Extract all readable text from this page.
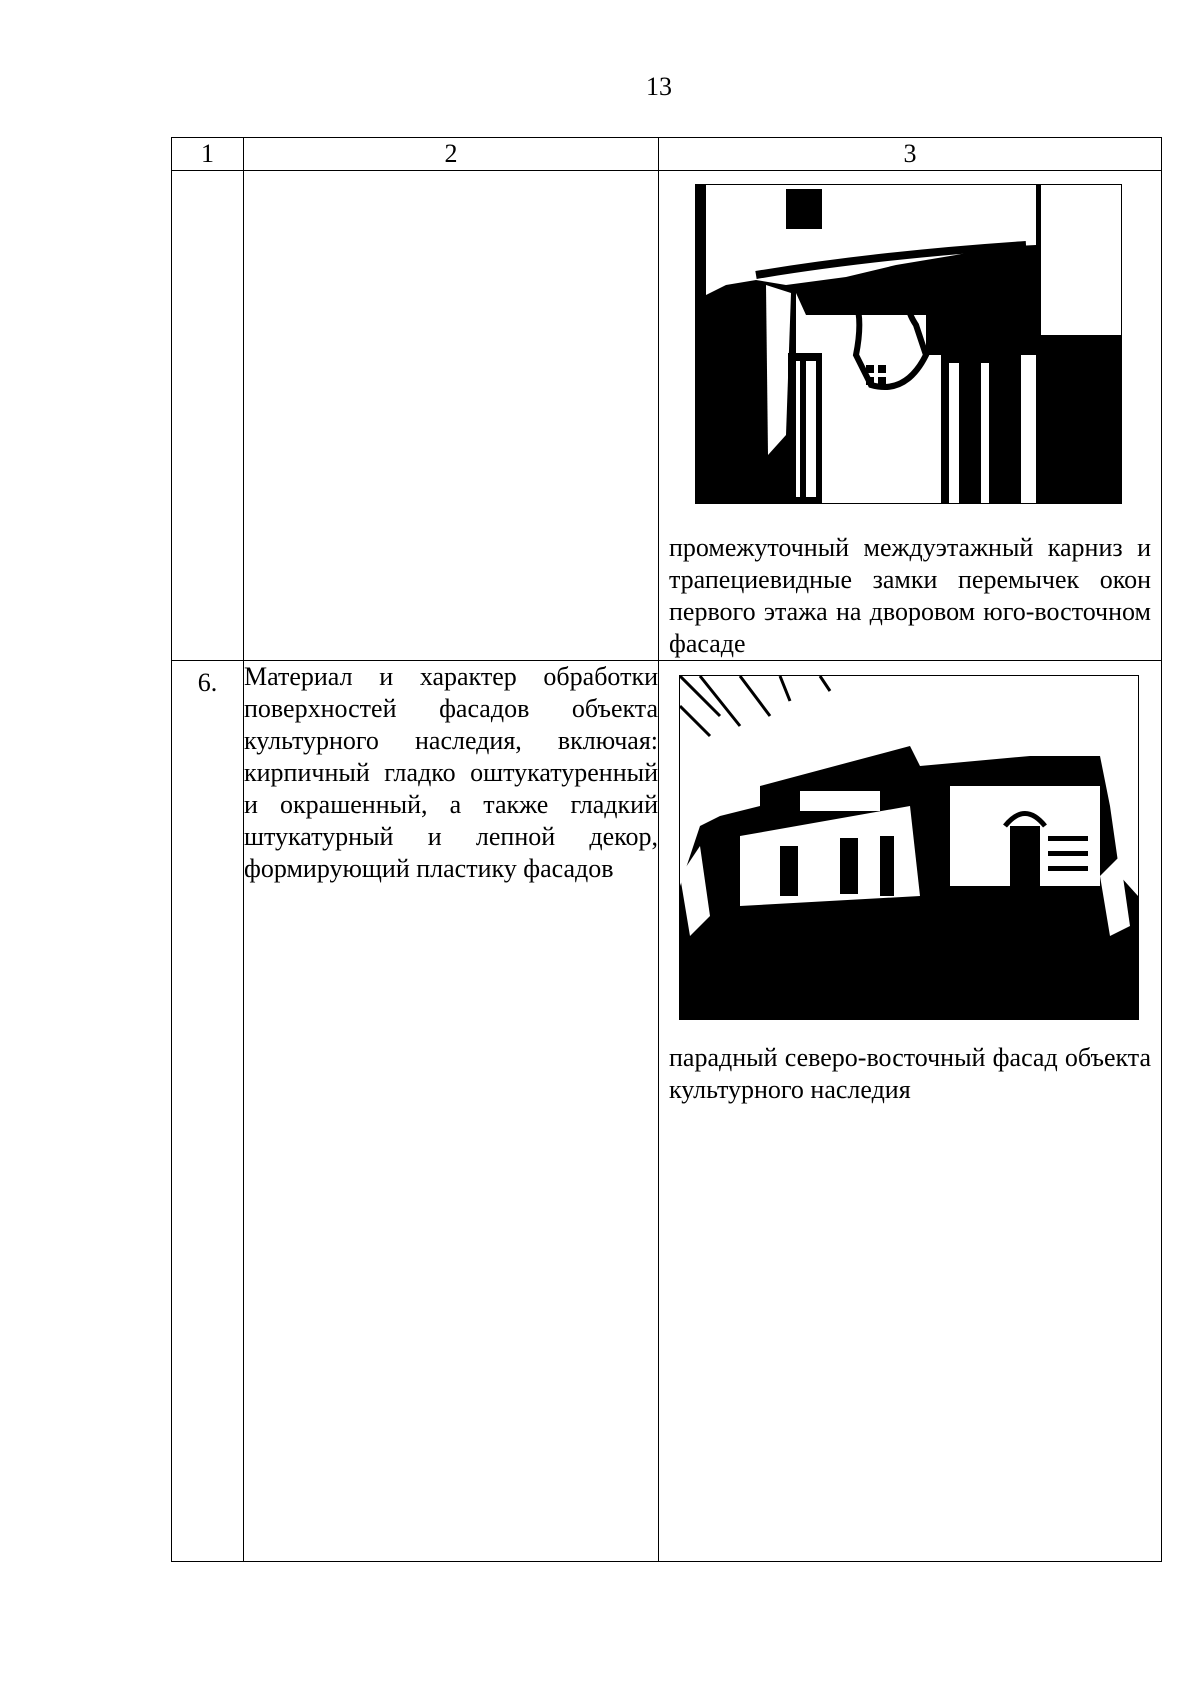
13
1	2	3

		промежуточный междуэтажный карниз и трапециевидные замки перемычек окон первого этажа на дворовом юго-восточном фасаде

6.	Материал и характер обработки поверхностей фасадов объекта культурного наследия, включая: кирпичный гладко оштукатуренный и окрашенный, а также гладкий штукатурный и лепной декор, формирующий пластику фасадов	парадный северо-восточный фасад объекта культурного наследия
